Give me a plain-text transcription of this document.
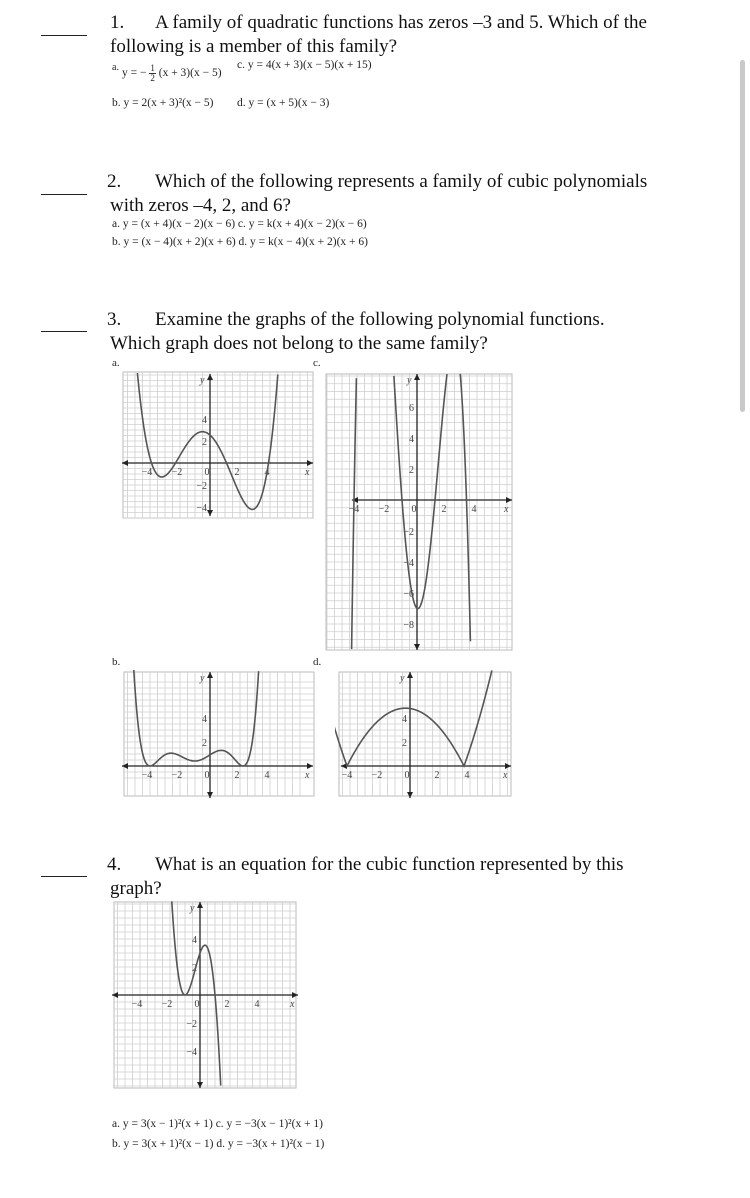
1. A family of quadratic functions has zeros –3 and 5. Which of the
following is a member of this family?
a. y = − $\frac{1}{2} (x + 3)(x - 5)$
c. y = 4(x + 3)(x − 5)(x + 15)
b. y = 2(x + 3)²(x − 5) d. y = (x + 5)(x − 3)
2. Which of the following represents a family of cubic polynomials
with zeros –4, 2, and 6?
a. y = (x + 4)(x − 2)(x − 6) c. y = k(x + 4)(x − 2)(x − 6)
b. y = (x − 4)(x + 2)(x + 6) d. y = k(x − 4)(x + 2)(x + 6)
3. Examine the graphs of the following polynomial functions.
Which graph does not belong to the same family?
a.	c.
b.	d.
−4 −2 0	2	4
4
2
−2
−4
x
y
−4 −2 0	2	4
6
4
2
−2
−4
−6
−8
x
y
−4 −2 0	2	4
4
2
x
y
−4 −2 0	2	4
4
2
x
y
4. What is an equation for the cubic function represented by this
graph?
−4 −2 0	2	4
4
2
−2
−4
x
y
a. y = 3(x − 1)²(x + 1) c. y = −3(x − 1)²(x + 1)
b. y = 3(x + 1)²(x − 1) d. y = −3(x + 1)²(x − 1)
